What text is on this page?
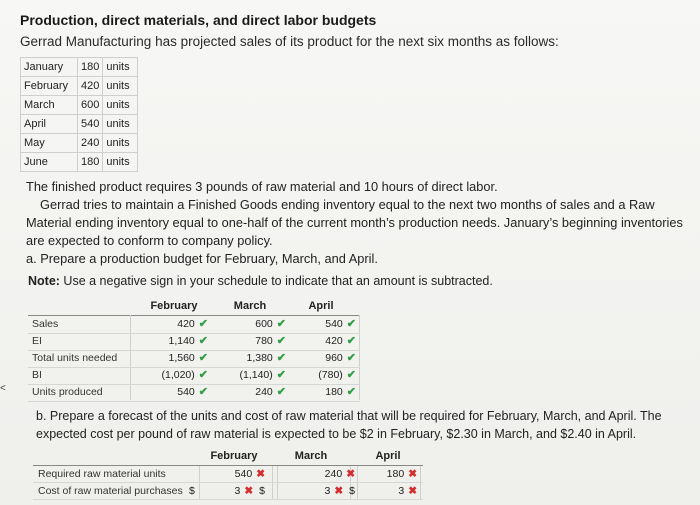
Production, direct materials, and direct labor budgets
Gerrad Manufacturing has projected sales of its product for the next six months as follows:
January	180	units
February	420	units
March	600	units
April	540	units
May	240	units
June	180	units
The finished product requires 3 pounds of raw material and 10 hours of direct labor.
Gerrad tries to maintain a Finished Goods ending inventory equal to the next two months of sales and a Raw
Material ending inventory equal to one-half of the current month’s production needs. January’s beginning inventories
are expected to conform to company policy.
a. Prepare a production budget for February, March, and April.
Note: Use a negative sign in your schedule to indicate that an amount is subtracted.
February	March	April
Sales	420 ✔	600 ✔	540 ✔
EI	1,140 ✔	780 ✔	420 ✔
Total units needed	1,560 ✔	1,380 ✔	960 ✔
BI	(1,020) ✔	(1,140) ✔	(780) ✔
Units produced	540 ✔	240 ✔	180 ✔
b. Prepare a forecast of the units and cost of raw material that will be required for February, March, and April. The
expected cost per pound of raw material is expected to be $2 in February, $2.30 in March, and $2.40 in April.
February	March	April
Required raw material units	540 ✖	240 ✖	180 ✖
Cost of raw material purchases $	3 ✖ $	3 ✖ $	3 ✖
<
